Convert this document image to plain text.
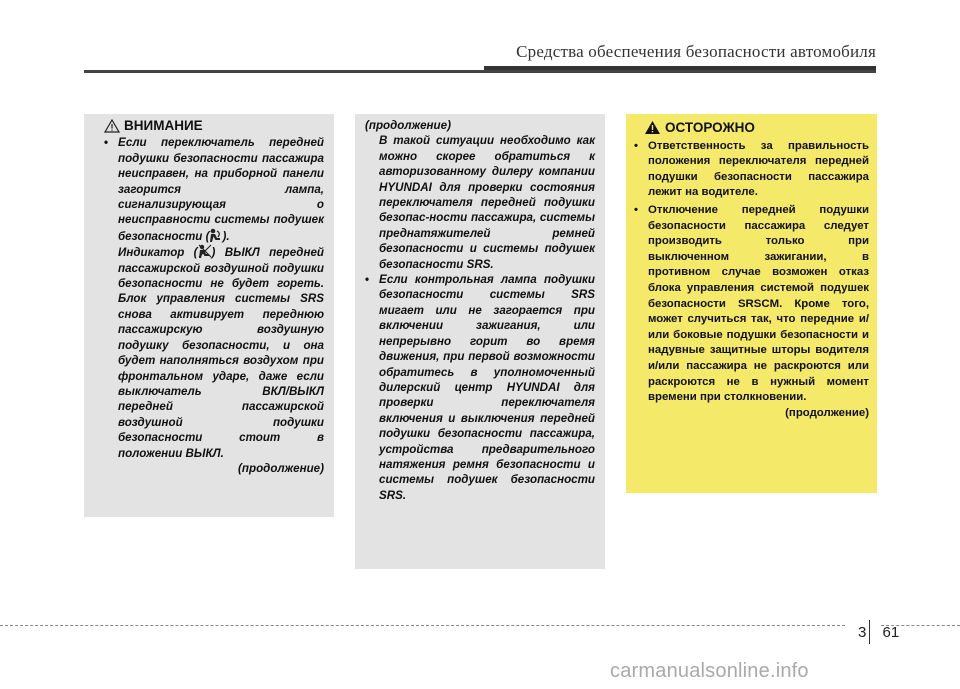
Средства обеспечения безопасности автомобиля
ВНИМАНИЕ
• Если переключатель передней подушки безопасности пассажира неисправен, на приборной панели загорится лампа, сигнализирующая о неисправности системы подушек безопасности ( ).
Индикатор ( ) ВЫКЛ передней пассажирской воздушной подушки безопасности не будет гореть. Блок управления системы SRS снова активирует переднюю пассажирскую воздушную подушку безопасности, и она будет наполняться воздухом при фронтальном ударе, даже если выключатель ВКЛ/ВЫКЛ передней пассажирской воздушной подушки безопасности стоит в положении ВЫКЛ.
(продолжение)
(продолжение)
В такой ситуации необходимо как можно скорее обратиться к авторизованному дилеру компании HYUNDAI для проверки состояния переключателя передней подушки безопас-ности пассажира, системы преднатяжителей ремней безопасности и системы подушек безопасности SRS.
• Если контрольная лампа подушки безопасности системы SRS мигает или не загорается при включении зажигания, или непрерывно горит во время движения, при первой возможности обратитесь в уполномоченный дилерский центр HYUNDAI для проверки переключателя включения и выключения передней подушки безопасности пассажира, устройства предварительного натяжения ремня безопасности и системы подушек безопасности SRS.
ОСТОРОЖНО
• Ответственность за правильность положения переключателя передней подушки безопасности пассажира лежит на водителе.
• Отключение передней подушки безопасности пассажира следует производить только при выключенном зажигании, в противном случае возможен отказ блока управления системой подушек безопасности SRSCM. Кроме того, может случиться так, что передние и/или боковые подушки безопасности и надувные защитные шторы водителя и/или пассажира не раскроются или раскроются не в нужный момент времени при столкновении.
(продолжение)
3 61
carmanualsonline.info
